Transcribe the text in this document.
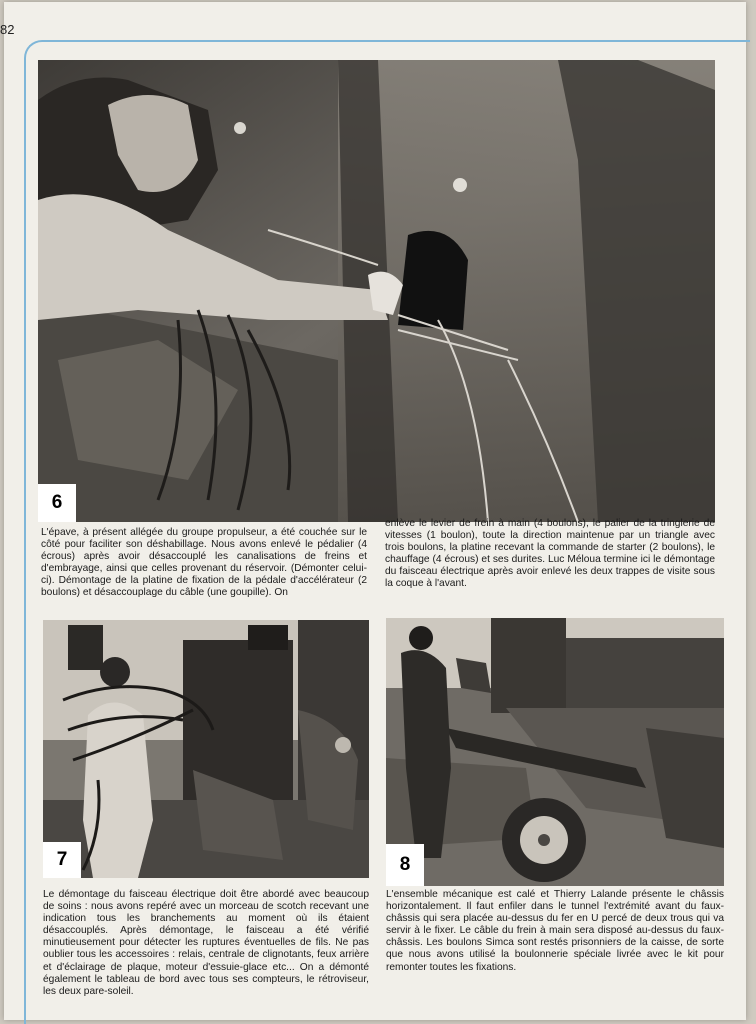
82
6

L'épave, à présent allégée du groupe propulseur, a été couchée sur le côté pour faciliter son déshabillage. Nous avons enlevé le pédalier (4 écrous) après avoir désaccouplé les canalisations de freins et d'embrayage, ainsi que celles provenant du réservoir. (Démonter celui-ci). Démontage de la platine de fixation de la pédale d'accélérateur (2 boulons) et désaccouplage du câble (une goupille). On

enlève le levier de frein à main (4 boulons), le palier de la tringlerie de vitesses (1 boulon), toute la direction maintenue par un triangle avec trois boulons, la platine recevant la commande de starter (2 boulons), le chauffage (4 écrous) et ses durites. Luc Méloua termine ici le démontage du faisceau électrique après avoir enlevé les deux trappes de visite sous la coque à l'avant.

7	8

Le démontage du faisceau électrique doit être abordé avec beaucoup de soins : nous avons repéré avec un morceau de scotch recevant une indication tous les branchements au moment où ils étaient désaccouplés. Après démontage, le faisceau a été vérifié minutieusement pour détecter les ruptures éventuelles de fils. Ne pas oublier tous les accessoires : relais, centrale de clignotants, feux arrière et d'éclairage de plaque, moteur d'essuie-glace etc... On a démonté également le tableau de bord avec tous ses compteurs, le rétroviseur, les deux pare-soleil.

L'ensemble mécanique est calé et Thierry Lalande présente le châssis horizontalement. Il faut enfiler dans le tunnel l'extrémité avant du faux-châssis qui sera placée au-dessus du fer en U percé de deux trous qui va servir à le fixer. Le câble du frein à main sera disposé au-dessus du faux-châssis. Les boulons Simca sont restés prisonniers de la caisse, de sorte que nous avons utilisé la boulonnerie spéciale livrée avec le kit pour remonter toutes les fixations.
